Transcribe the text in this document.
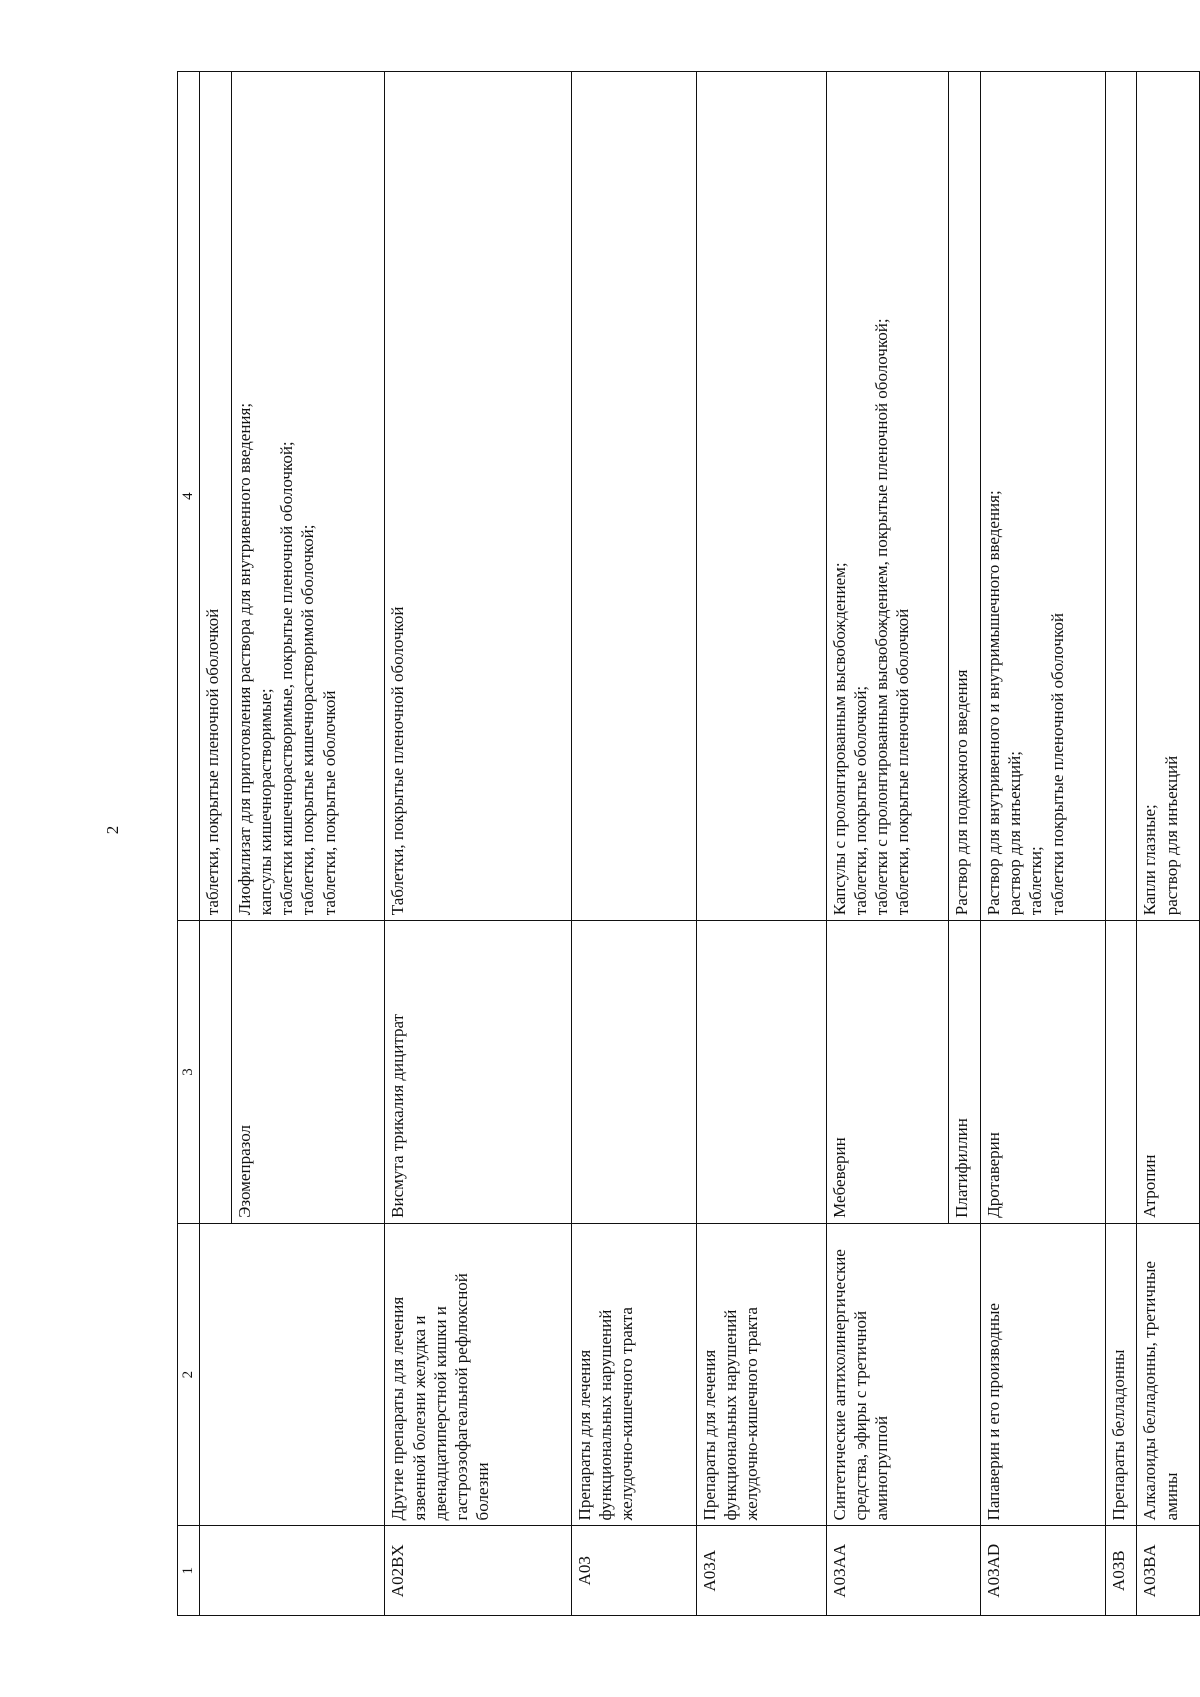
2
1	2	3	4

			таблетки, покрытые пленочной оболочкой

		Эзомепразол	Лиофилизат для приготовления раствора для внутривенного введения; капсулы кишечнорастворимые; таблетки кишечнорастворимые, покрытые пленочной оболочкой; таблетки, покрытые кишечнорастворимой оболочкой; таблетки, покрытые оболочкой

A02BX	Другие препараты для лечения язвенной болезни желудка и двенадцатиперстной кишки и гастроэзофагеальной рефлюксной болезни	Висмута трикалия дицитрат	Таблетки, покрытые пленочной оболочкой

A03	Препараты для лечения функциональных нарушений желудочно-кишечного тракта		
A03A	Препараты для лечения функциональных нарушений желудочно-кишечного тракта		
A03AA	Синтетические антихолинергические средства, эфиры с третичной аминогруппой	Мебеверин	Капсулы с пролонгированным высвобождением; таблетки, покрытые оболочкой; таблетки с пролонгированным высвобождением, покрытые пленочной оболочкой; таблетки, покрытые пленочной оболочкой

		Платифиллин	Раствор для подкожного введения

A03AD	Папаверин и его производные	Дротаверин	Раствор для внутривенного и внутримышечного введения; раствор для инъекций; таблетки; таблетки покрытые пленочной оболочкой

A03B	Препараты белладонны		
A03BA	Алкалоиды белладонны, третичные амины	Атропин	Капли глазные; раствор для инъекций
